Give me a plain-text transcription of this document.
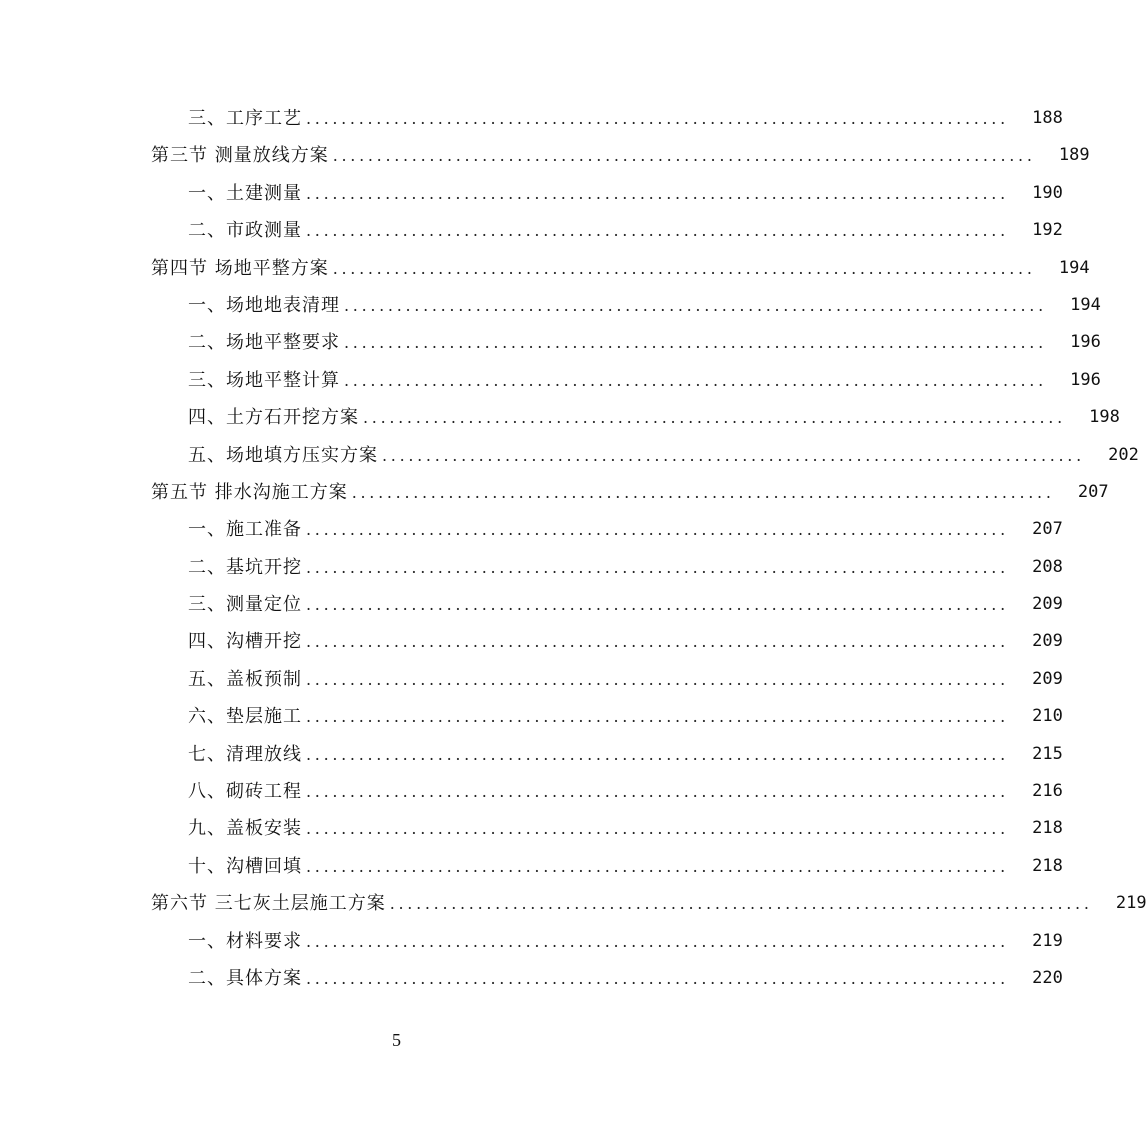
三、工序工艺 ................................................................................	188
第三节 测量放线方案 ................................................................................	189
一、土建测量 ................................................................................	190
二、市政测量 ................................................................................	192
第四节 场地平整方案 ................................................................................	194
一、场地地表清理 ................................................................................	194
二、场地平整要求 ................................................................................	196
三、场地平整计算 ................................................................................	196
四、土方石开挖方案 ................................................................................	198
五、场地填方压实方案 ................................................................................	202
第五节 排水沟施工方案 ................................................................................	207
一、施工准备 ................................................................................	207
二、基坑开挖 ................................................................................	208
三、测量定位 ................................................................................	209
四、沟槽开挖 ................................................................................	209
五、盖板预制 ................................................................................	209
六、垫层施工 ................................................................................	210
七、清理放线 ................................................................................	215
八、砌砖工程 ................................................................................	216
九、盖板安装 ................................................................................	218
十、沟槽回填 ................................................................................	218
第六节 三七灰土层施工方案 ................................................................................	219
一、材料要求 ................................................................................	219
二、具体方案 ................................................................................	220
5
